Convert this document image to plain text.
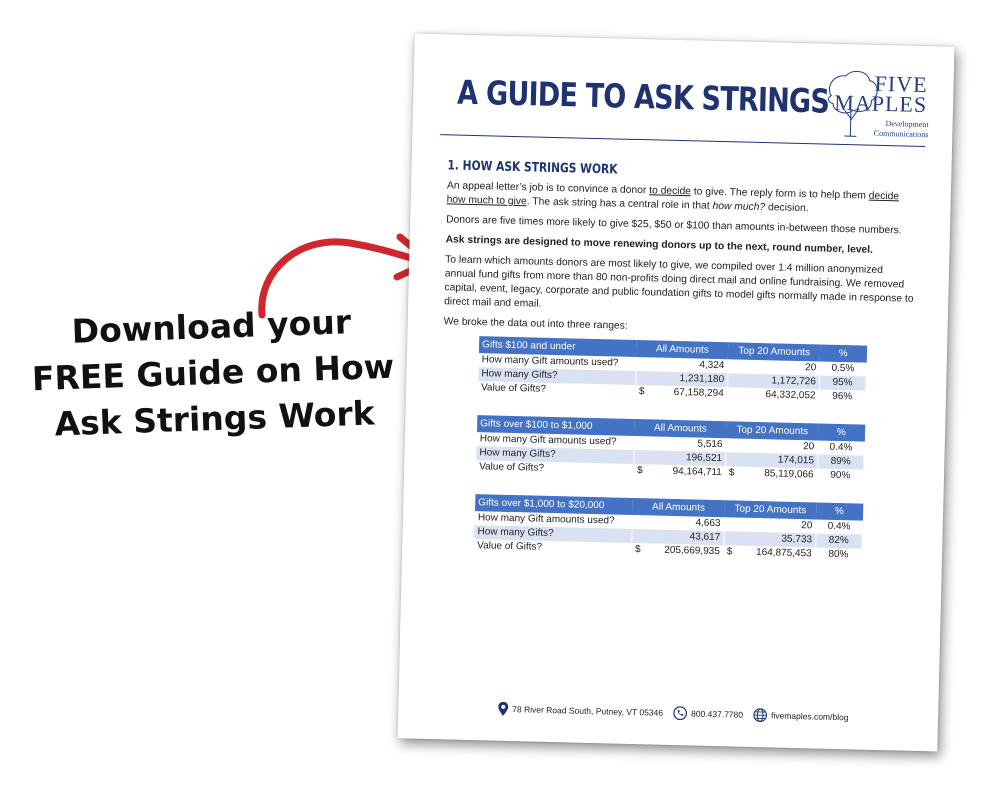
Download your
FREE Guide on How
Ask Strings Work
A GUIDE TO ASK STRINGS FIVE
MAPLES
Development
Communications
1. HOW ASK STRINGS WORK

An appeal letter’s job is to convince a donor to decide to give. The reply form is to help them decide how much to give. The ask string has a central role in that how much? decision.

Donors are five times more likely to give $25, $50 or $100 than amounts in-between those numbers.

Ask strings are designed to move renewing donors up to the next, round number, level.

To learn which amounts donors are most likely to give, we compiled over 1.4 million anonymized annual fund gifts from more than 80 non-profits doing direct mail and online fundraising. We removed capital, event, legacy, corporate and public foundation gifts to model gifts normally made in response to direct mail and email.

We broke the data out into three ranges:

Gifts $100 and under	All Amounts	Top 20 Amounts	%
How many Gift amounts used?	4,324	20	0.5%
How many Gifts?	1,231,180	1,172,726	95%
Value of Gifts?	$ 67,158,294	64,332,052	96%
Gifts over $100 to $1,000	All Amounts	Top 20 Amounts	%
How many Gift amounts used?	5,516	20	0.4%
How many Gifts?	196,521	174,015	89%
Value of Gifts?	$ 94,164,711	$ 85,119,066	90%
Gifts over $1,000 to $20,000	All Amounts	Top 20 Amounts	%
How many Gift amounts used?	4,663	20	0.4%
How many Gifts?	43,617	35,733	82%
Value of Gifts?	$ 205,669,935	$ 164,875,453	80%
78 River Road South, Putney, VT 05346	800.437.7780	fivemaples.com/blog
